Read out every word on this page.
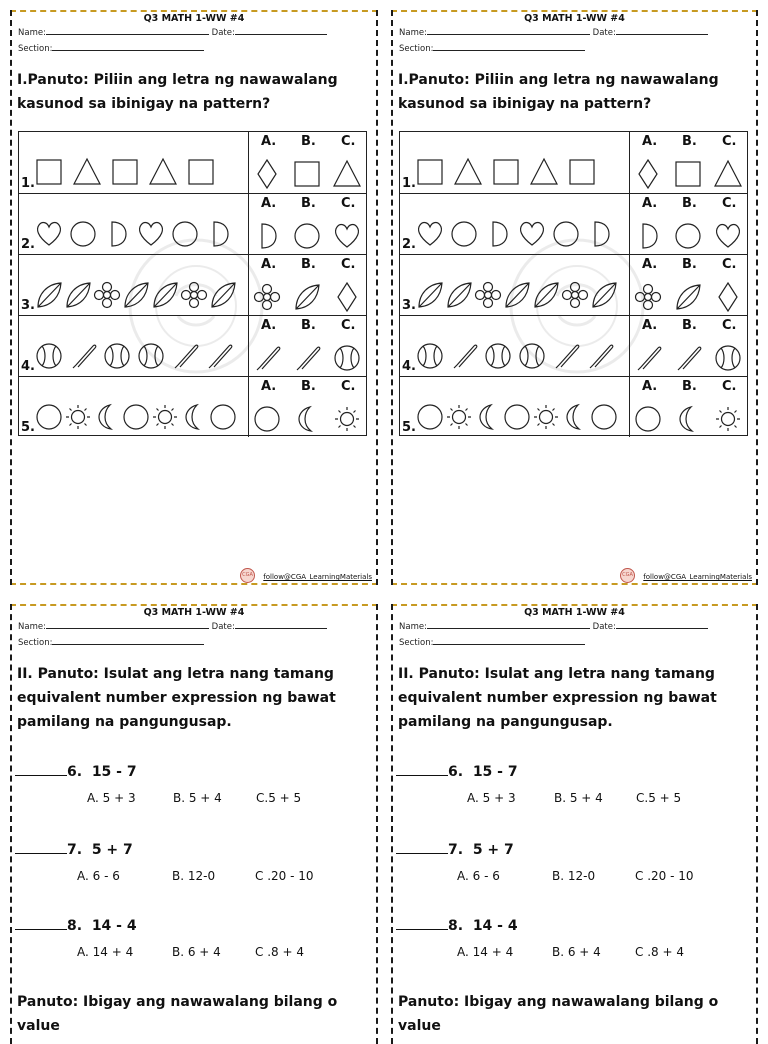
Q3 MATH 1-WW #4
Name:	Date:
Section:
I.Panuto: Piliin ang letra ng nawawalang
kasunod sa ibinigay na pattern?
1.
A. B. C.
2.
A. B. C.
3.
A. B. C.
4.
A. B. C.
5.
A. B. C.
CGA	follow@CGA_LearningMaterials
Q3 MATH 1-WW #4
Name:	Date:
Section:
I.Panuto: Piliin ang letra ng nawawalang
kasunod sa ibinigay na pattern?
1.
A. B. C.
2.
A. B. C.
3.
A. B. C.
4.
A. B. C.
5.
A. B. C.
CGA	follow@CGA_LearningMaterials
Q3 MATH 1-WW #4
Name:	Date:
Section:
II. Panuto: Isulat ang letra nang tamang
equivalent number expression ng bawat
pamilang na pangungusap.
6. 15 - 7
A. 5 + 3	B. 5 + 4	C.5 + 5
7. 5 + 7
A. 6 - 6	B. 12-0	C .20 - 10
8. 14 - 4
A. 14 + 4	B. 6 + 4	C .8 + 4
Panuto: Ibigay ang nawawalang bilang o value
Q3 MATH 1-WW #4
Name:	Date:
Section:
II. Panuto: Isulat ang letra nang tamang
equivalent number expression ng bawat
pamilang na pangungusap.
6. 15 - 7
A. 5 + 3	B. 5 + 4	C.5 + 5
7. 5 + 7
A. 6 - 6	B. 12-0	C .20 - 10
8. 14 - 4
A. 14 + 4	B. 6 + 4	C .8 + 4
Panuto: Ibigay ang nawawalang bilang o value
